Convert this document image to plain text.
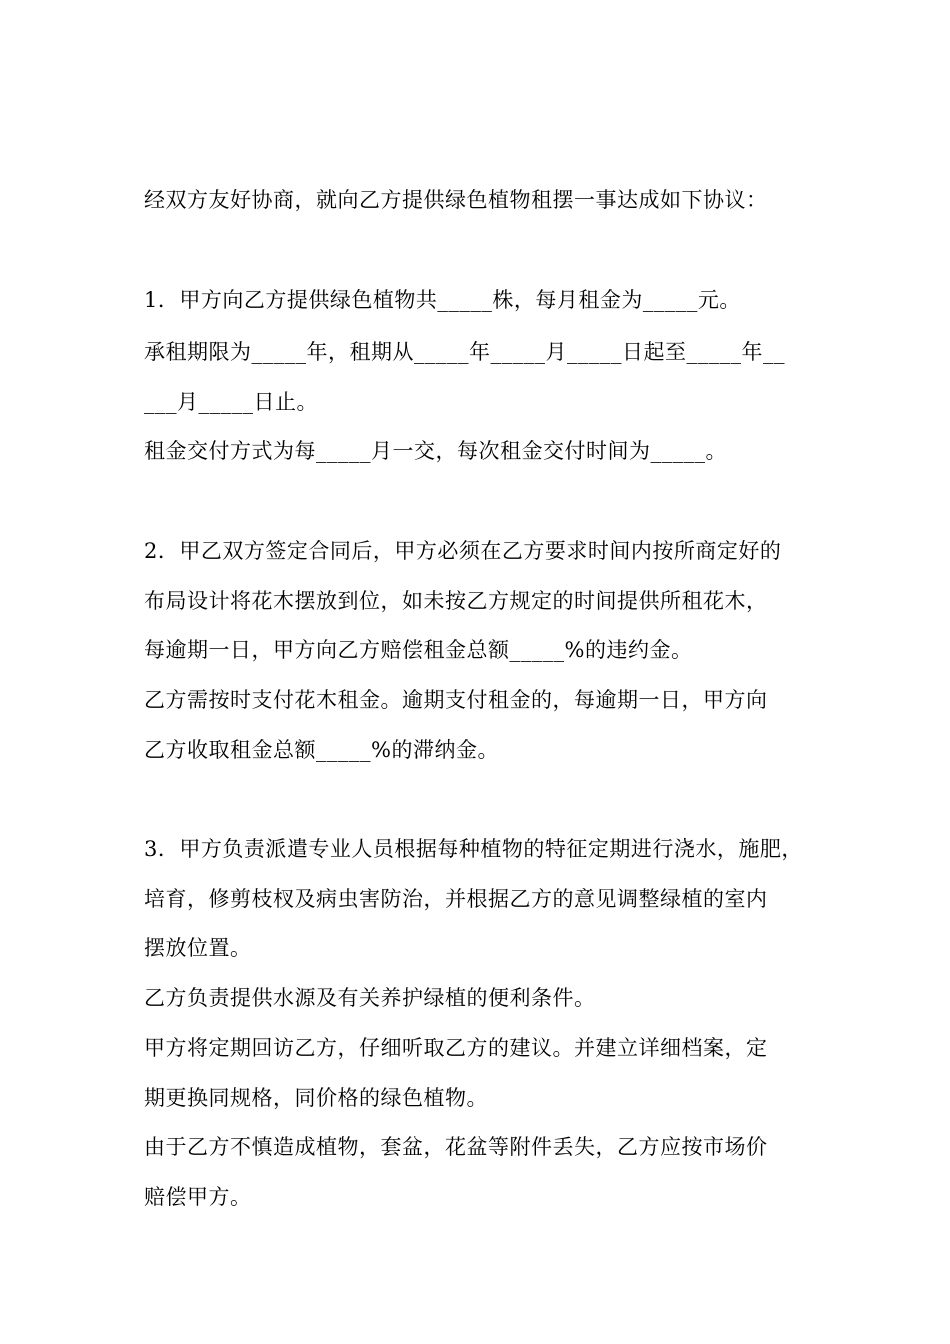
经双方友好协商，就向乙方提供绿色植物租摆一事达成如下协议：
1．甲方向乙方提供绿色植物共_____株，每月租金为_____元。
承租期限为_____年，租期从_____年_____月_____日起至_____年__
___月_____日止。
租金交付方式为每_____月一交，每次租金交付时间为_____。
2．甲乙双方签定合同后，甲方必须在乙方要求时间内按所商定好的
布局设计将花木摆放到位，如未按乙方规定的时间提供所租花木，
每逾期一日，甲方向乙方赔偿租金总额_____%的违约金。
乙方需按时支付花木租金。逾期支付租金的，每逾期一日，甲方向
乙方收取租金总额_____%的滞纳金。
3．甲方负责派遣专业人员根据每种植物的特征定期进行浇水，施肥，
培育，修剪枝杈及病虫害防治，并根据乙方的意见调整绿植的室内
摆放位置。
乙方负责提供水源及有关养护绿植的便利条件。
甲方将定期回访乙方，仔细听取乙方的建议。并建立详细档案，定
期更换同规格，同价格的绿色植物。
由于乙方不慎造成植物，套盆，花盆等附件丢失，乙方应按市场价
赔偿甲方。
